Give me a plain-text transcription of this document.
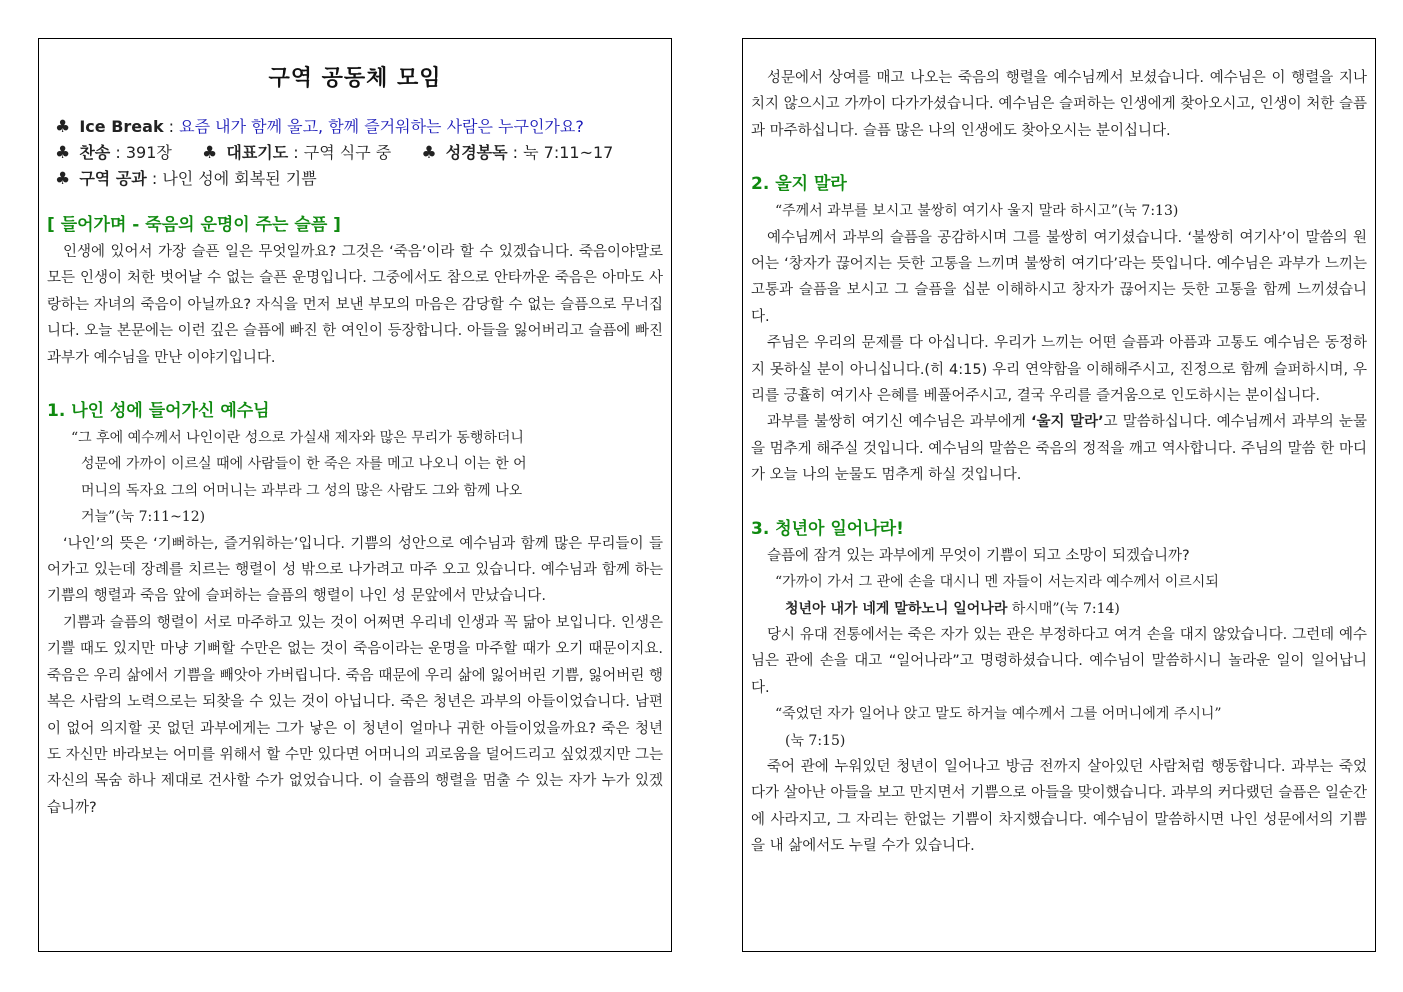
구역 공동체 모임
♣ Ice Break : 요즘 내가 함께 울고, 함께 즐거워하는 사람은 누구인가요?
♣ 찬송 : 391장 ♣ 대표기도 : 구역 식구 중 ♣ 성경봉독 : 눅 7:11~17
♣ 구역 공과 : 나인 성에 회복된 기쁨
[ 들어가며 - 죽음의 운명이 주는 슬픔 ]

인생에 있어서 가장 슬픈 일은 무엇일까요? 그것은 ‘죽음’이라 할 수 있겠습니다. 죽음이야말로 모든 인생이 처한 벗어날 수 없는 슬픈 운명입니다. 그중에서도 참으로 안타까운 죽음은 아마도 사랑하는 자녀의 죽음이 아닐까요? 자식을 먼저 보낸 부모의 마음은 감당할 수 없는 슬픔으로 무너집니다. 오늘 본문에는 이런 깊은 슬픔에 빠진 한 여인이 등장합니다. 아들을 잃어버리고 슬픔에 빠진 과부가 예수님을 만난 이야기입니다.

1. 나인 성에 들어가신 예수님

“그 후에 예수께서 나인이란 성으로 가실새 제자와 많은 무리가 동행하더니

성문에 가까이 이르실 때에 사람들이 한 죽은 자를 메고 나오니 이는 한 어

머니의 독자요 그의 어머니는 과부라 그 성의 많은 사람도 그와 함께 나오

거늘”(눅 7:11~12)

‘나인’의 뜻은 ‘기뻐하는, 즐거워하는’입니다. 기쁨의 성안으로 예수님과 함께 많은 무리들이 들어가고 있는데 장례를 치르는 행렬이 성 밖으로 나가려고 마주 오고 있습니다. 예수님과 함께 하는 기쁨의 행렬과 죽음 앞에 슬퍼하는 슬픔의 행렬이 나인 성 문앞에서 만났습니다.

기쁨과 슬픔의 행렬이 서로 마주하고 있는 것이 어쩌면 우리네 인생과 꼭 닮아 보입니다. 인생은 기쁠 때도 있지만 마냥 기뻐할 수만은 없는 것이 죽음이라는 운명을 마주할 때가 오기 때문이지요. 죽음은 우리 삶에서 기쁨을 빼앗아 가버립니다. 죽음 때문에 우리 삶에 잃어버린 기쁨, 잃어버린 행복은 사람의 노력으로는 되찾을 수 있는 것이 아닙니다. 죽은 청년은 과부의 아들이었습니다. 남편이 없어 의지할 곳 없던 과부에게는 그가 낳은 이 청년이 얼마나 귀한 아들이었을까요? 죽은 청년도 자신만 바라보는 어미를 위해서 할 수만 있다면 어머니의 괴로움을 덜어드리고 싶었겠지만 그는 자신의 목숨 하나 제대로 건사할 수가 없었습니다. 이 슬픔의 행렬을 멈출 수 있는 자가 누가 있겠습니까?

성문에서 상여를 매고 나오는 죽음의 행렬을 예수님께서 보셨습니다. 예수님은 이 행렬을 지나치지 않으시고 가까이 다가가셨습니다. 예수님은 슬퍼하는 인생에게 찾아오시고, 인생이 처한 슬픔과 마주하십니다. 슬픔 많은 나의 인생에도 찾아오시는 분이십니다.

2. 울지 말라

“주께서 과부를 보시고 불쌍히 여기사 울지 말라 하시고”(눅 7:13)

예수님께서 과부의 슬픔을 공감하시며 그를 불쌍히 여기셨습니다. ‘불쌍히 여기사’이 말씀의 원어는 ‘창자가 끊어지는 듯한 고통을 느끼며 불쌍히 여기다’라는 뜻입니다. 예수님은 과부가 느끼는 고통과 슬픔을 보시고 그 슬픔을 십분 이해하시고 창자가 끊어지는 듯한 고통을 함께 느끼셨습니다.

주님은 우리의 문제를 다 아십니다. 우리가 느끼는 어떤 슬픔과 아픔과 고통도 예수님은 동정하지 못하실 분이 아니십니다.(히 4:15) 우리 연약함을 이해해주시고, 진정으로 함께 슬퍼하시며, 우리를 긍휼히 여기사 은혜를 베풀어주시고, 결국 우리를 즐거움으로 인도하시는 분이십니다.

과부를 불쌍히 여기신 예수님은 과부에게 ‘울지 말라’고 말씀하십니다. 예수님께서 과부의 눈물을 멈추게 해주실 것입니다. 예수님의 말씀은 죽음의 정적을 깨고 역사합니다. 주님의 말씀 한 마디가 오늘 나의 눈물도 멈추게 하실 것입니다.

3. 청년아 일어나라!

슬픔에 잠겨 있는 과부에게 무엇이 기쁨이 되고 소망이 되겠습니까?

“가까이 가서 그 관에 손을 대시니 멘 자들이 서는지라 예수께서 이르시되

청년아 내가 네게 말하노니 일어나라 하시매”(눅 7:14)

당시 유대 전통에서는 죽은 자가 있는 관은 부정하다고 여겨 손을 대지 않았습니다. 그런데 예수님은 관에 손을 대고 “일어나라”고 명령하셨습니다. 예수님이 말씀하시니 놀라운 일이 일어납니다.

“죽었던 자가 일어나 앉고 말도 하거늘 예수께서 그를 어머니에게 주시니”

(눅 7:15)

죽어 관에 누워있던 청년이 일어나고 방금 전까지 살아있던 사람처럼 행동합니다. 과부는 죽었다가 살아난 아들을 보고 만지면서 기쁨으로 아들을 맞이했습니다. 과부의 커다랬던 슬픔은 일순간에 사라지고, 그 자리는 한없는 기쁨이 차지했습니다. 예수님이 말씀하시면 나인 성문에서의 기쁨을 내 삶에서도 누릴 수가 있습니다.
